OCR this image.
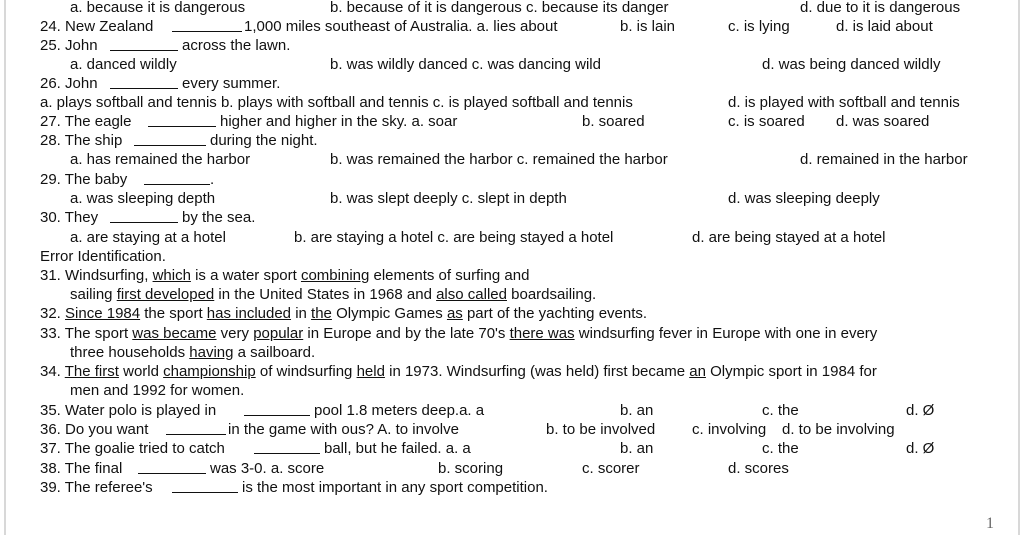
a. because it is dangerous	b. because of it is dangerous c. because its danger	d. due to it is dangerous
24. New Zealand	1,000 miles southeast of Australia. a. lies about	b. is lain	c. is lying	d. is laid about
25. John	across the lawn.
a. danced wildly	b. was wildly danced c. was dancing wild	d. was being danced wildly
26. John	every summer.
a. plays softball and tennis b. plays with softball and tennis c. is played softball and tennis	d. is played with softball and tennis
27. The eagle	higher and higher in the sky. a. soar	b. soared	c. is soared d. was soared
28. The ship	during the night.
a. has remained the harbor	b. was remained the harbor c. remained the harbor	d. remained in the harbor
29. The baby	.
a. was sleeping depth	b. was slept deeply c. slept in depth	d. was sleeping deeply
30. They	by the sea.
a. are staying at a hotel	b. are staying a hotel c. are being stayed a hotel	d. are being stayed at a hotel
Error Identification.
31. Windsurfing, which is a water sport combining elements of surfing and
sailing first developed in the United States in 1968 and also called boardsailing.
32. Since 1984 the sport has included in the Olympic Games as part of the yachting events.
33. The sport was became very popular in Europe and by the late 70's there was windsurfing fever in Europe with one in every
three households having a sailboard.
34. The first world championship of windsurfing held in 1973. Windsurfing (was held) first became an Olympic sport in 1984 for
men and 1992 for women.
35. Water polo is played in	pool 1.8 meters deep.a. a	b. an	c. the	d. Ø
36. Do you want	in the game with ous? A. to involve	b. to be involved c. involving d. to be involving
37. The goalie tried to catch	ball, but he failed. a. a	b. an	c. the	d. Ø
38. The final	was 3-0. a. score	b. scoring	c. scorer	d. scores
39. The referee's	is the most important in any sport competition.
1
